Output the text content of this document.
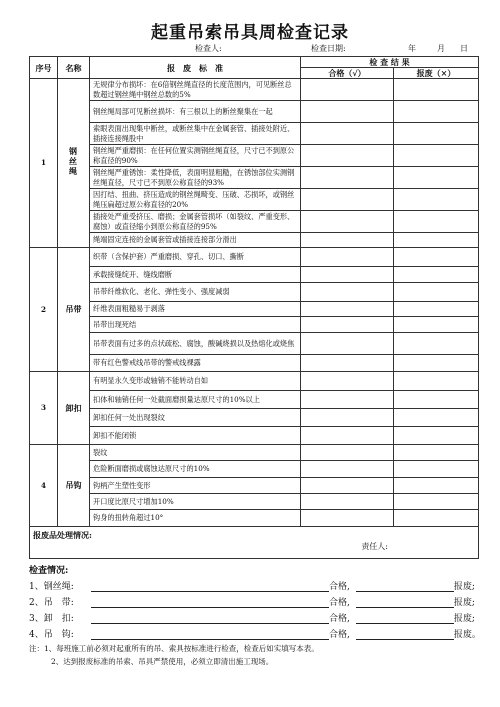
起重吊索吊具周检查记录
检查人:	检查日期:	年	月 日
序号	名称	报　废　标　准	检 查 结 果	
			合格（√）	报废（×）
1	钢丝绳	无规律分布损坏：在6倍钢丝绳直径的长度范围内，可见断丝总数超过钢丝绳中钢丝总数的5%		
		钢丝绳局部可见断丝损坏：有三根以上的断丝聚集在一起		
		索眼表面出现集中断丝，或断丝集中在金属套管、插接处附近、插接连接绳股中		
		钢丝绳严重磨损：在任何位置实测钢丝绳直径，尺寸已不到原公称直径的90%		
		钢丝绳严重锈蚀：柔性降低，表面明显粗糙，在锈蚀部位实测钢丝绳直径，尺寸已不到原公称直径的93%		
		因打结、扭曲、挤压造成的钢丝绳畸变、压破、芯损坏，或钢丝绳压扁超过原公称直径的20%		
		插接处严重受挤压、磨损；金属套管损坏（如裂纹、严重变形、腐蚀）或直径缩小到原公称直径的95%		
		绳端固定连接的金属套管或插接连接部分滑出		
2	吊带	织带（含保护套）严重磨损、穿孔、切口、撕断		
		承载接缝绽开、缝线磨断		
		吊带纤维软化、老化、弹性变小、强度减弱		
		纤维表面粗糙易于剥落		
		吊带出现死结		
		吊带表面有过多的点状疏松、腐蚀，酸碱烧损以及热熔化或烧焦		
		带有红色警戒线吊带的警戒线裸露		
3	卸扣	有明显永久变形或轴销不能转动自如		
		扣体和轴销任何一处截面磨损量达原尺寸的10%以上		
		卸扣任何一处出现裂纹		
		卸扣不能闭锁		
4	吊钩	裂纹		
		危险断面磨损或腐蚀达原尺寸的10%		
		钩柄产生塑性变形		
		开口度比原尺寸增加10%		
		钩身的扭转角超过10°		
报废品处理情况:
责任人:				
检查情况:
1、钢丝绳:	合格,	报废;
2、吊　带:	合格,	报废;
3、卸　扣:	合格,	报废;
4、吊　钩:	合格,	报废。
注：1、每班施工前必须对起重所有的吊、索具按标准进行检查，检查后如实填写本表。
2、达到报废标准的吊索、吊具严禁使用，必须立即清出施工现场。
